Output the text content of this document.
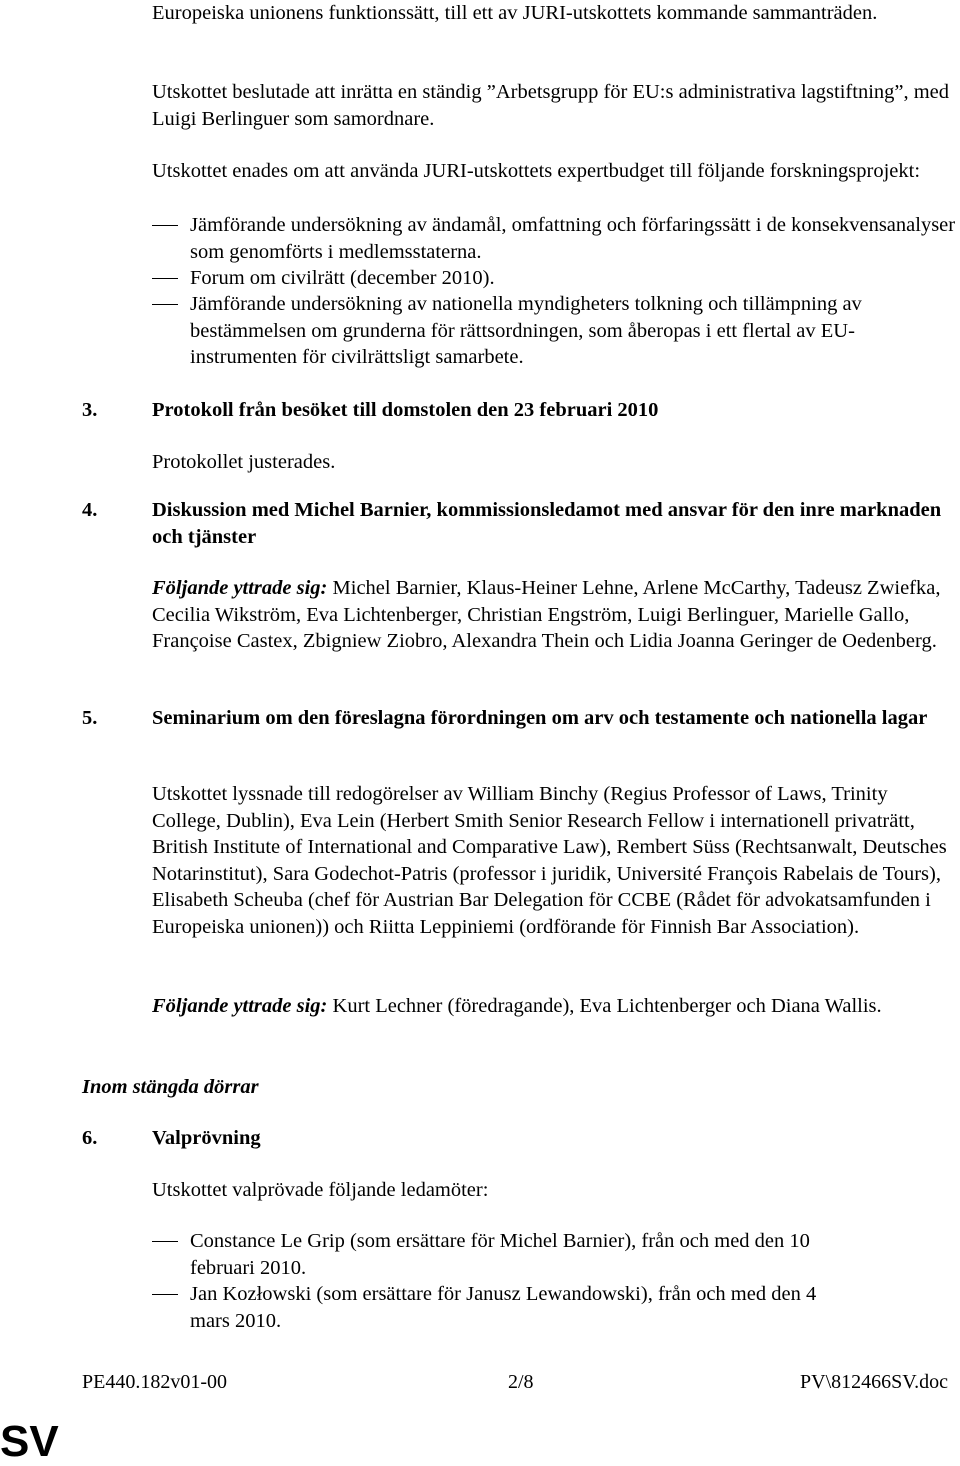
Europeiska unionens funktionssätt, till ett av JURI-utskottets kommande sammanträden.

Utskottet beslutade att inrätta en ständig ”Arbetsgrupp för EU:s administrativa lagstiftning”, med Luigi Berlinguer som samordnare.

Utskottet enades om att använda JURI-utskottets expertbudget till följande forskningsprojekt:

Jämförande undersökning av ändamål, omfattning och förfaringssätt i de konsekvensanalyser som genomförts i medlemsstaterna.
Forum om civilrätt (december 2010).
Jämförande undersökning av nationella myndigheters tolkning och tillämpning av bestämmelsen om grunderna för rättsordningen, som åberopas i ett flertal av EU-instrumenten för civilrättsligt samarbete.
3.	Protokoll från besöket till domstolen den 23 februari 2010
Protokollet justerades.
4.	Diskussion med Michel Barnier, kommissionsledamot med ansvar för den inre marknaden och tjänster
Följande yttrade sig: Michel Barnier, Klaus-Heiner Lehne, Arlene McCarthy, Tadeusz Zwiefka, Cecilia Wikström, Eva Lichtenberger, Christian Engström, Luigi Berlinguer, Marielle Gallo, Françoise Castex, Zbigniew Ziobro, Alexandra Thein och Lidia Joanna Geringer de Oedenberg.
5.	Seminarium om den föreslagna förordningen om arv och testamente och nationella lagar
Utskottet lyssnade till redogörelser av William Binchy (Regius Professor of Laws, Trinity College, Dublin), Eva Lein (Herbert Smith Senior Research Fellow i internationell privaträtt, British Institute of International and Comparative Law), Rembert Süss (Rechtsanwalt, Deutsches Notarinstitut), Sara Godechot-Patris (professor i juridik, Université François Rabelais de Tours), Elisabeth Scheuba (chef för Austrian Bar Delegation för CCBE (Rådet för advokatsamfunden i Europeiska unionen)) och Riitta Leppiniemi (ordförande för Finnish Bar Association).
Följande yttrade sig: Kurt Lechner (föredragande), Eva Lichtenberger och Diana Wallis.
Inom stängda dörrar
6.	Valprövning
Utskottet valprövade följande ledamöter:
Constance Le Grip (som ersättare för Michel Barnier), från och med den 10 februari 2010.
Jan Kozłowski (som ersättare för Janusz Lewandowski), från och med den 4 mars 2010.
PE440.182v01-00	2/8	PV\812466SV.doc
SV
